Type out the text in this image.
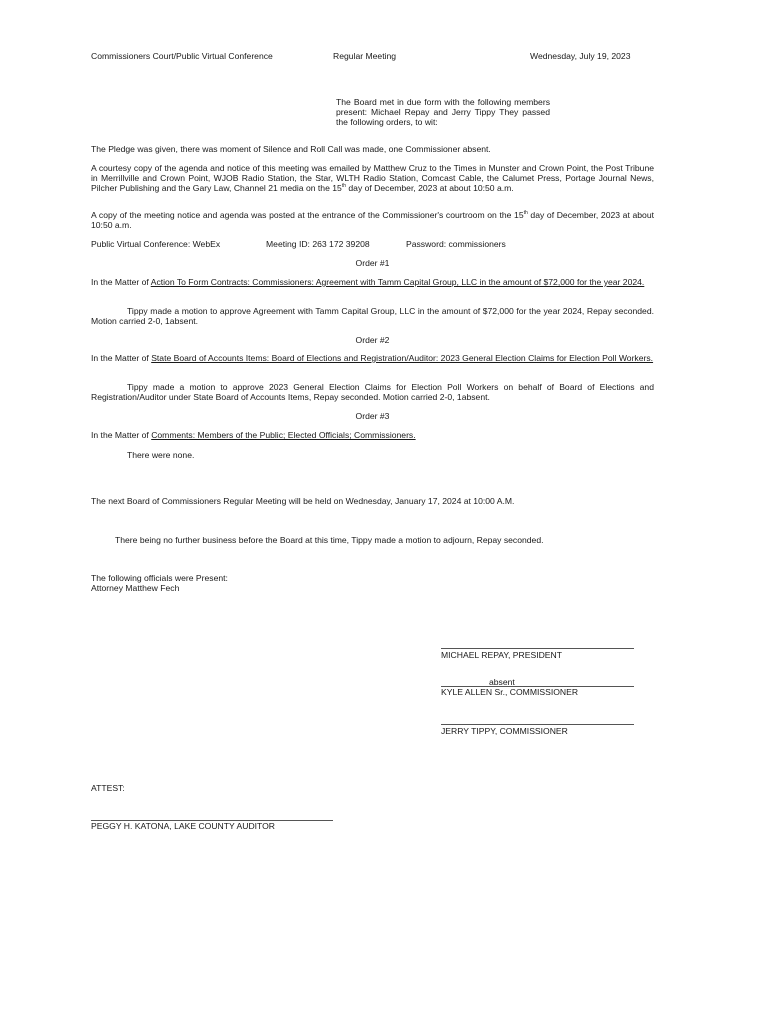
Commissioners Court/Public Virtual Conference	Regular Meeting	Wednesday, July 19, 2023
The Board met in due form with the following members present: Michael Repay and Jerry Tippy They passed the following orders, to wit:
The Pledge was given, there was moment of Silence and Roll Call was made, one Commissioner absent.
A courtesy copy of the agenda and notice of this meeting was emailed by Matthew Cruz to the Times in Munster and Crown Point, the Post Tribune in Merrillville and Crown Point, WJOB Radio Station, the Star, WLTH Radio Station, Comcast Cable, the Calumet Press, Portage Journal News, Pilcher Publishing and the Gary Law, Channel 21 media on the 15th day of December, 2023 at about 10:50 a.m.
A copy of the meeting notice and agenda was posted at the entrance of the Commissioner's courtroom on the 15th day of December, 2023 at about 10:50 a.m.
Public Virtual Conference: WebEx	Meeting ID: 263 172 39208	Password: commissioners
Order #1
In the Matter of Action To Form Contracts: Commissioners: Agreement with Tamm Capital Group, LLC in the amount of $72,000 for the year 2024.
Tippy made a motion to approve Agreement with Tamm Capital Group, LLC in the amount of $72,000 for the year 2024, Repay seconded. Motion carried 2-0, 1absent.
Order #2
In the Matter of State Board of Accounts Items: Board of Elections and Registration/Auditor: 2023 General Election Claims for Election Poll Workers.
Tippy made a motion to approve 2023 General Election Claims for Election Poll Workers on behalf of Board of Elections and Registration/Auditor under State Board of Accounts Items, Repay seconded. Motion carried 2-0, 1absent.
Order #3
In the Matter of Comments: Members of the Public; Elected Officials; Commissioners.
There were none.
The next Board of Commissioners Regular Meeting will be held on Wednesday, January 17, 2024 at 10:00 A.M.
There being no further business before the Board at this time, Tippy made a motion to adjourn, Repay seconded.
The following officials were Present:
Attorney Matthew Fech
MICHAEL REPAY, PRESIDENT
absent
KYLE ALLEN Sr., COMMISSIONER
JERRY TIPPY, COMMISSIONER
ATTEST:
PEGGY H. KATONA, LAKE COUNTY AUDITOR
